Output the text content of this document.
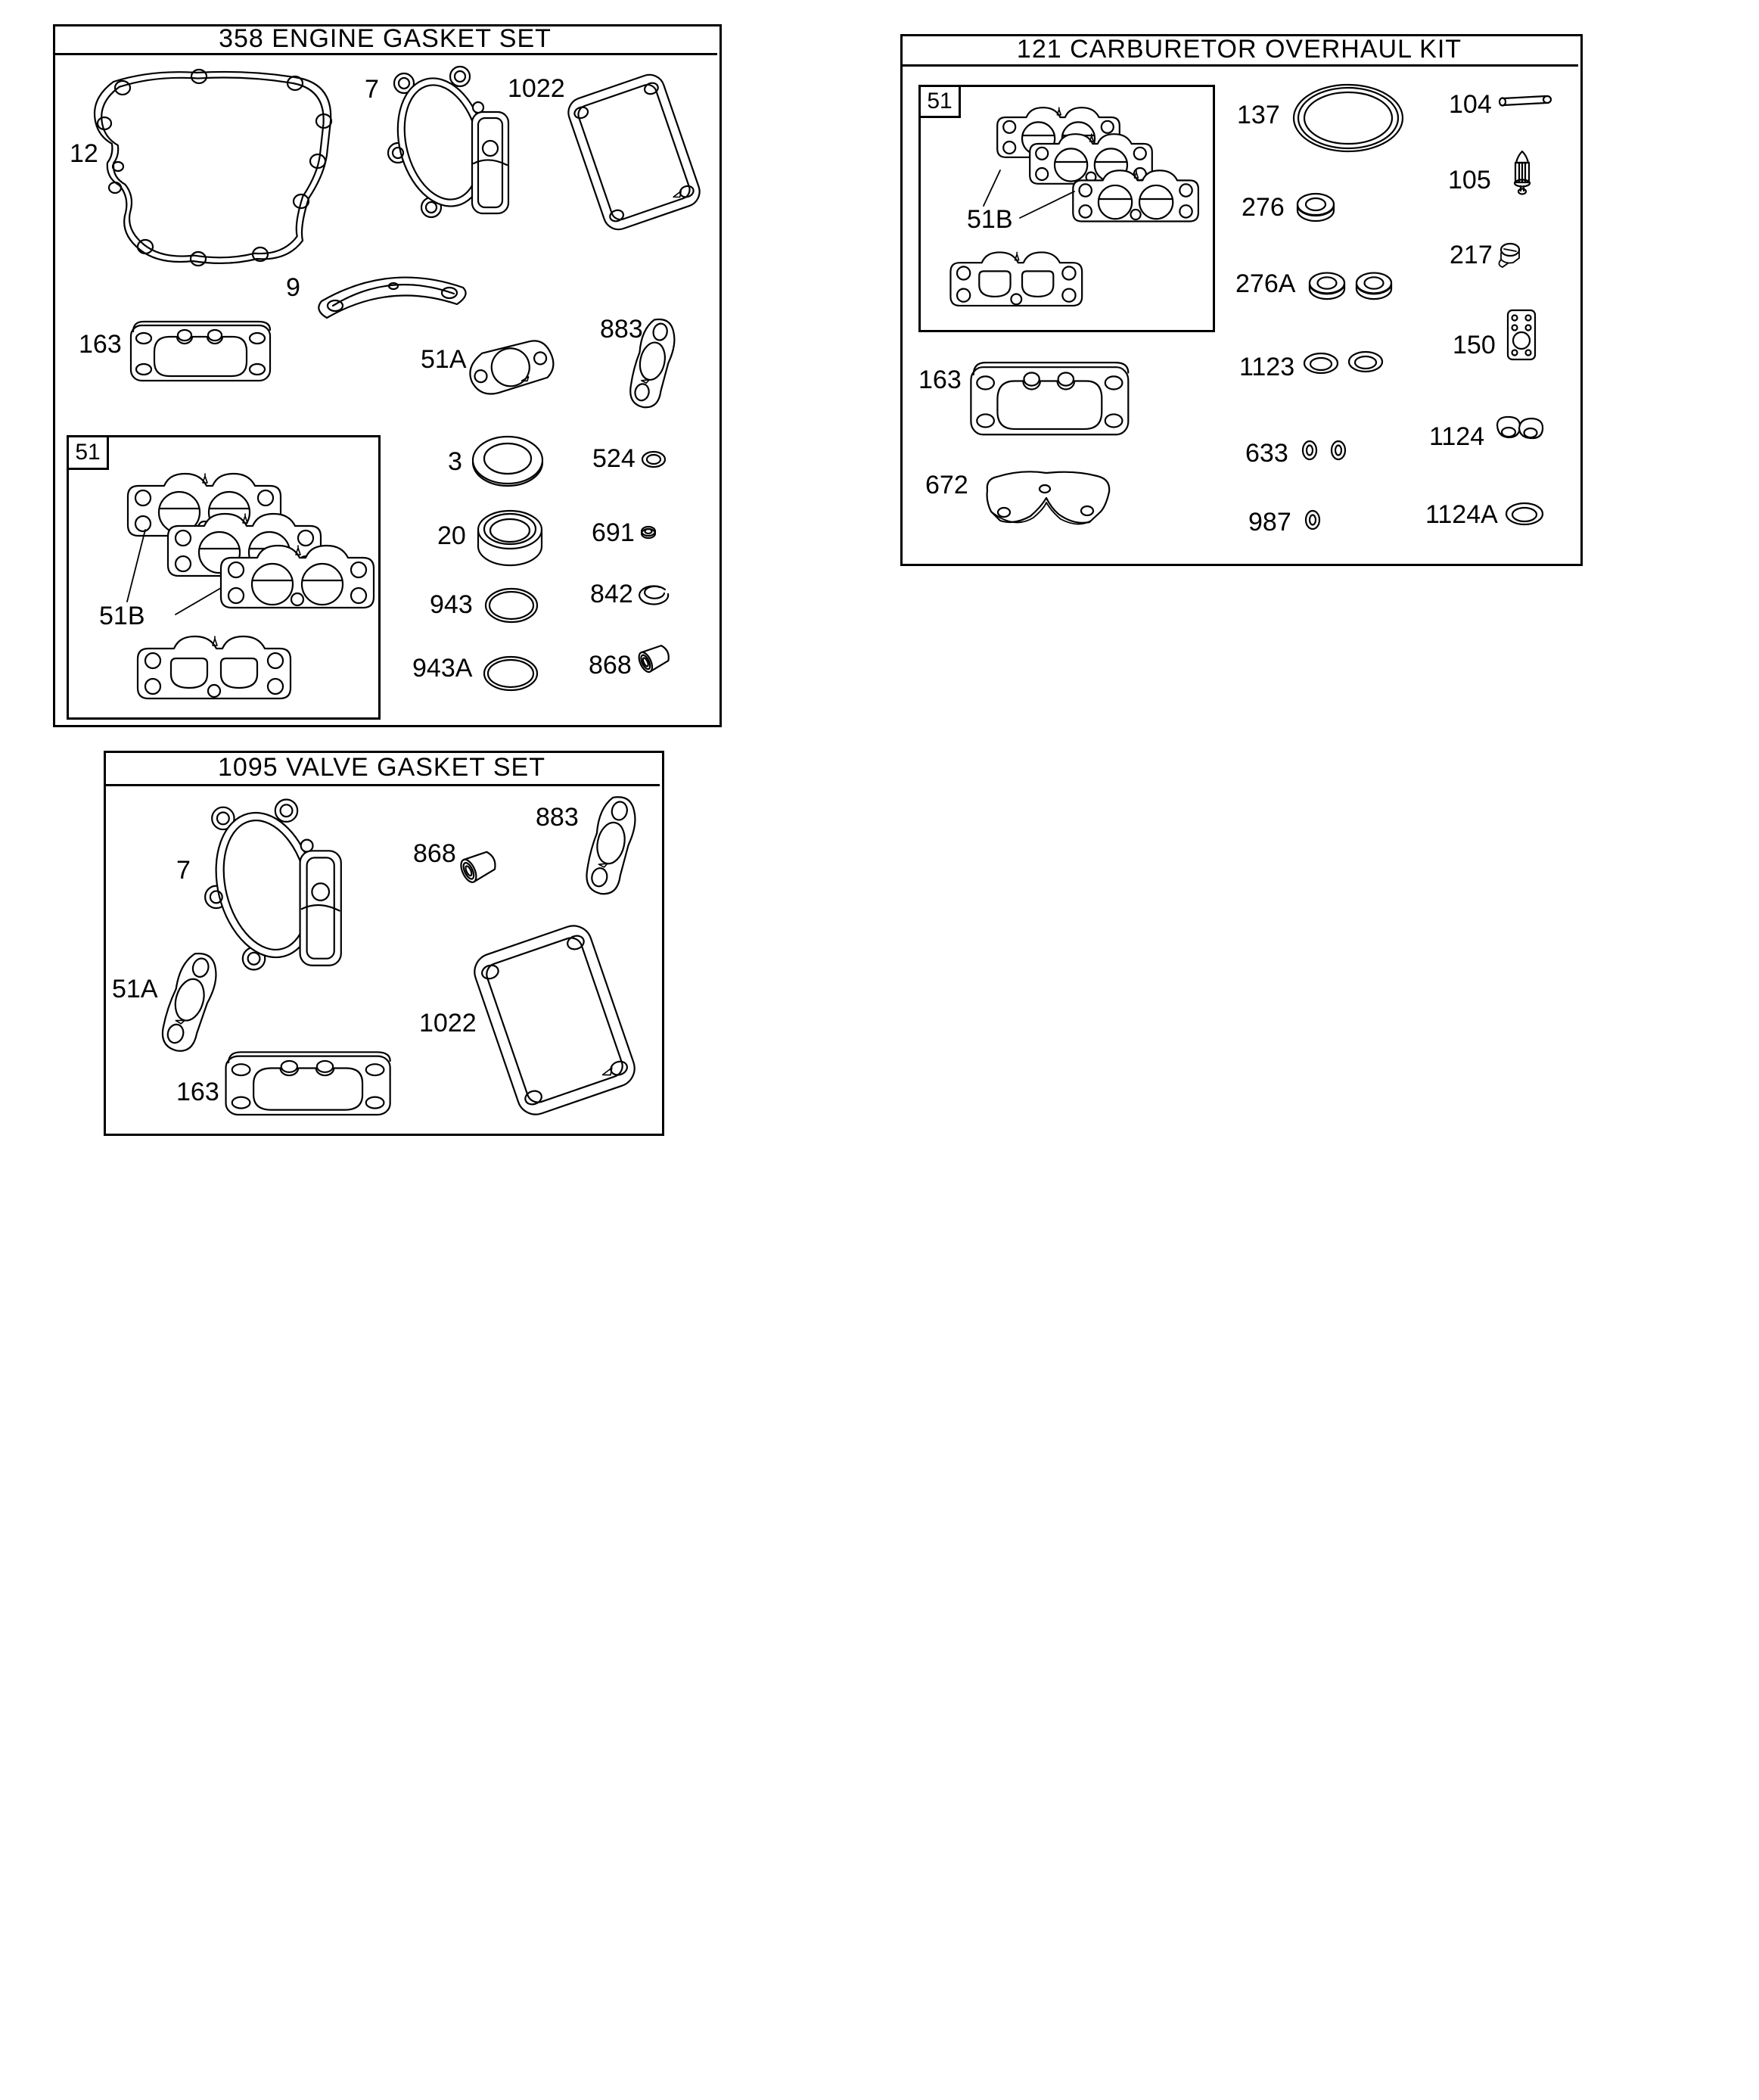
358 ENGINE GASKET SET	121 CARBURETOR OVERHAUL KIT
1095 VALVE GASKET SET
51
51
12
7	1022
9
163
51A
883
51B
3	524
20	691
943	842
943A	868
51B
137
276
276A
1123
633
987
104
105
217
150
1124
1124A
163
672
7
883
868
51A
1022
163
